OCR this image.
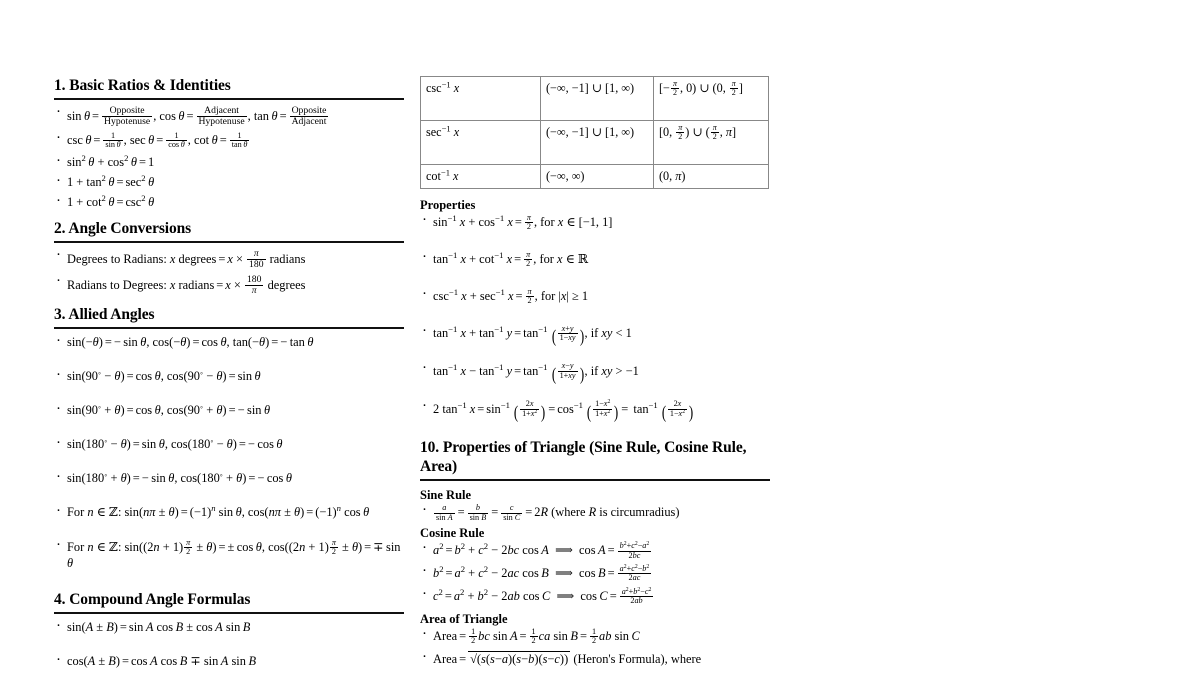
1. Basic Ratios & Identities
· $\sin \theta = \frac{\text{Opposite}}{\text{Hypotenuse}}$ , $\cos \theta = \frac{\text{Adjacent}}{\text{Hypotenuse}}$ , $\tan \theta = \frac{\text{Opposite}}{\text{Adjacent}}$
· $\csc \theta = \frac{1}{\text{sin  θ}}$ , $\sec \theta = \frac{1}{\text{cos  θ}}$ , $\cot \theta = \frac{1}{\text{tan  θ}}$
· $\sin^2 \theta + \cos^2 \theta = 1$
· $1 + \tan^2 \theta = \sec^2 \theta$
· $1 + \cot^2 \theta = \csc^2 \theta$
2. Angle Conversions
· Degrees to Radians: x degrees = $x \times \frac{\pi}{180}$ radians
· Radians to Degrees: x radians = $x \times \frac{180}{\pi}$ degrees
3. Allied Angles
· sin(−θ) = − sin  θ, cos(−θ) = cos  θ, tan(−θ) = − tan  θ
· sin(90◦ − θ) = cos  θ, cos(90◦ − θ) = sin  θ
· sin(90◦ + θ) = cos  θ, cos(90◦ + θ) = − sin  θ
· sin(180◦ − θ) = sin  θ, cos(180◦ − θ) = − cos  θ
· sin(180◦ + θ) = − sin  θ, cos(180◦ + θ) = − cos  θ
· For n ∈ ℤ: $\sin(n\pi \pm \theta) = (-1)^n$ sin  θ, $\cos(n\pi \pm \theta) = (-1)^n$ cos  θ
· For n ∈ ℤ: $\sin((2n + 1) \frac{\pi}{2} \pm \theta)$ = ± cos  θ, $\cos((2n + 1) \frac{\pi}{2} \pm \theta)$ = ∓ sin θ
4. Compound Angle Formulas
· sin(A ± B) = sin  A cos  B ± cos  A sin  B
· cos(A ± B) = cos  A cos  B ∓ sin  A sin  B
$\csc^{-1} x$	(−∞, −1] ∪ [1, ∞)	[− $\frac{\pi}{2}$ , 0) ∪ (0, $\frac{\pi}{2}$ ]
$\sec^{-1} x$	(−∞, −1] ∪ [1, ∞)	[0, $\frac{\pi}{2}$ ) ∪ ( $\frac{\pi}{2}$ , π]
$\cot^{-1} x$	(−∞, ∞)	(0, π)
Properties
· $\sin^{-1} x + \cos^{-1} x = \frac{\pi}{2}$ , for x ∈ [−1, 1]
· $\tan^{-1} x + \cot^{-1} x = \frac{\pi}{2}$ , for x ∈ ℝ
· $\csc^{-1} x + \sec^{-1} x = \frac{\pi}{2}$ , for |x| ≥ 1
· $\tan^{-1} x + \tan^{-1} y = \tan^{-1}$ ( $\frac{x+y}{1-xy}$ ), if xy < 1
· $\tan^{-1} x - \tan^{-1} y = \tan^{-1}$ ( $\frac{x-y}{1+xy}$ ), if xy > −1
· 2 $\tan^{-1} x = \sin^{-1}$ ( $\frac{2x}{1+x^2}$ ) = $\cos^{-1}$ ( $\frac{1-x^2}{1+x^2}$ ) = $\tan^{-1}$ ( $\frac{2x}{1-x^2}$ )
10. Properties of Triangle (Sine Rule, Cosine Rule, Area)
Sine Rule
· $\frac{a}{\text{sin A}} = \frac{b}{\text{sin B}} = \frac{c}{\text{sin C}} = 2R$ (where R is circumradius)
Cosine Rule
· $a^2 = b^2 + c^2 - 2bc$ cos  A  ⟹  $\cos A = \frac{b^2+c^2-a^2}{2bc}$
· $b^2 = a^2 + c^2 - 2ac$ cos  B  ⟹  $\cos B = \frac{a^2+c^2-b^2}{2ac}$
· $c^2 = a^2 + b^2 - 2ab$ cos  C  ⟹  $\cos C = \frac{a^2+b^2-c^2}{2ab}$
Area of Triangle
· Area = $\frac{1}{2}$ bc $\sin A = \frac{1}{2}$ ca $\sin B = \frac{1}{2}$ ab sin  C
· Area = √(s(s−a)(s−b)(s−c)) (Heron's Formula), where
